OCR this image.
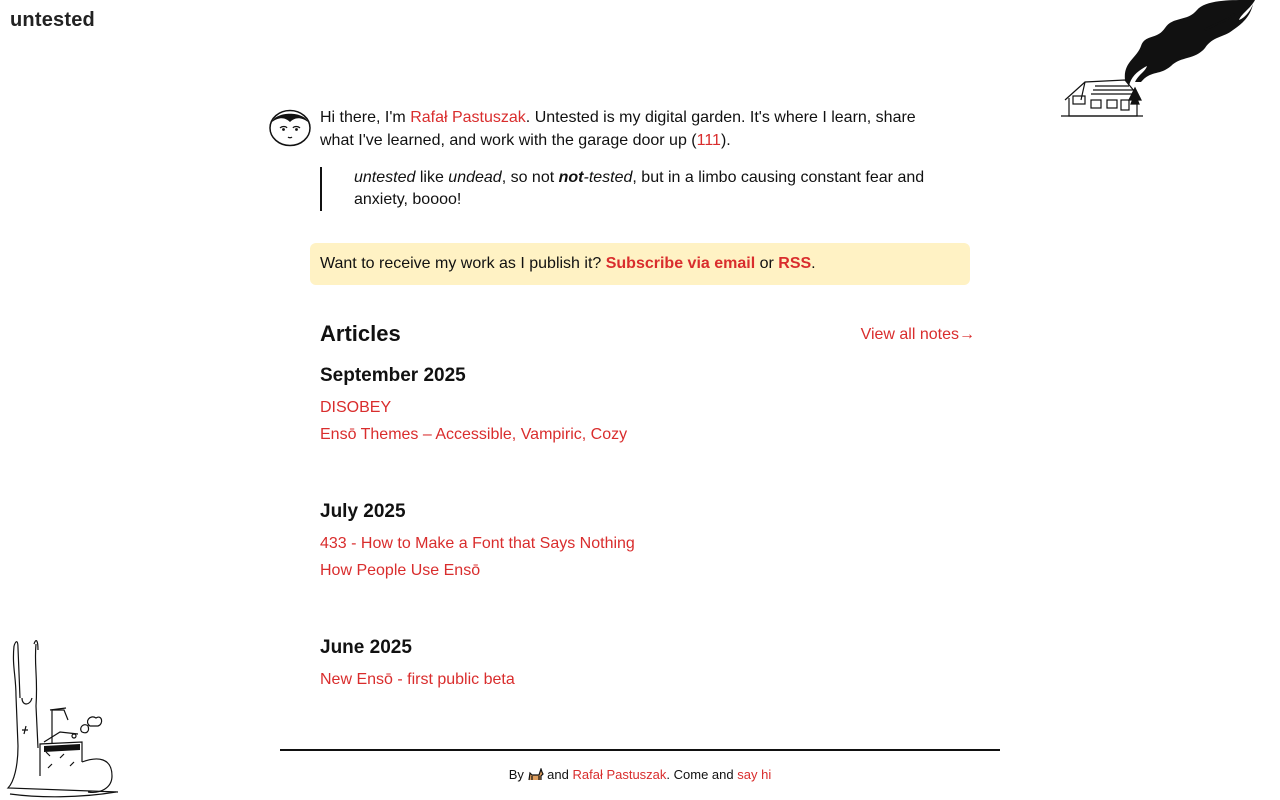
untested
Hi there, I'm Rafał Pastuszak. Untested is my digital garden. It's where I learn, share what I've learned, and work with the garage door up (111).
untested like undead, so not not-tested, but in a limbo causing constant fear and anxiety, boooo!
Want to receive my work as I publish it? Subscribe via email or RSS.
Articles	View all notes→
September 2025
DISOBEY
Ensō Themes – Accessible, Vampiric, Cozy
July 2025
433 - How to Make a Font that Says Nothing
How People Use Ensō
June 2025
New Ensō - first public beta
By  and Rafał Pastuszak. Come and say hi
